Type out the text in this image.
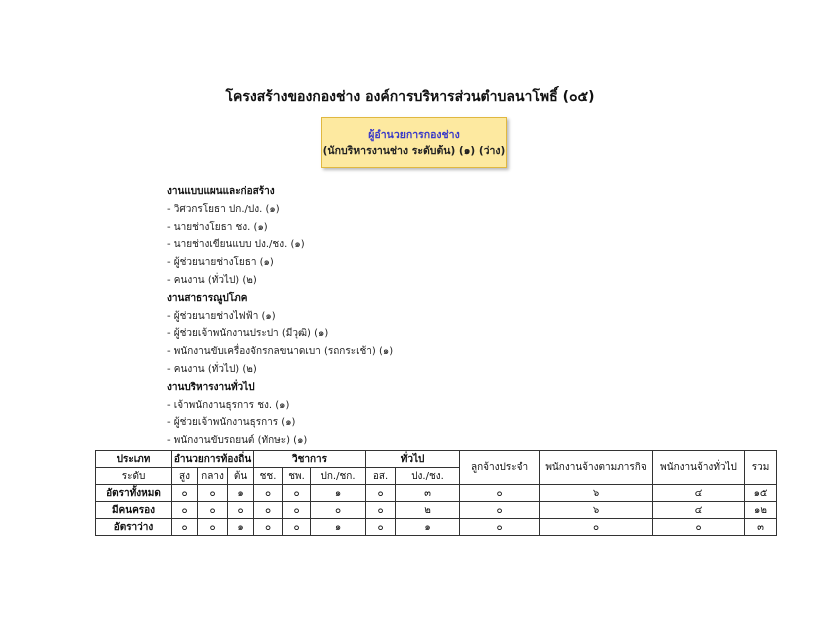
โครงสร้างของกองช่าง องค์การบริหารส่วนตำบลนาโพธิ์ (๐๕)
ผู้อำนวยการกองช่าง
(นักบริหารงานช่าง ระดับต้น) (๑) (ว่าง)
งานแบบแผนและก่อสร้าง
- วิศวกรโยธา ปก./ปง. (๑)
- นายช่างโยธา ชง. (๑)
- นายช่างเขียนแบบ ปง./ชง. (๑)
- ผู้ช่วยนายช่างโยธา (๑)
- คนงาน (ทั่วไป) (๒)
งานสาธารณูปโภค
- ผู้ช่วยนายช่างไฟฟ้า (๑)
- ผู้ช่วยเจ้าพนักงานประปา (มีวุฒิ) (๑)
- พนักงานขับเครื่องจักรกลขนาดเบา (รถกระเช้า) (๑)
- คนงาน (ทั่วไป) (๒)
งานบริหารงานทั่วไป
- เจ้าพนักงานธุรการ ชง. (๑)
- ผู้ช่วยเจ้าพนักงานธุรการ (๑)
- พนักงานขับรถยนต์ (ทักษะ) (๑)
ประเภท	อำนวยการท้องถิ่น			วิชาการ			ทั่วไป		ลูกจ้างประจำ	พนักงานจ้างตามภารกิจ	พนักงานจ้างทั่วไป	รวม
ระดับ	สูง	กลาง	ต้น	ชช.	ชพ.	ปก./ชก.	อส.	ปง./ชง.				
อัตราทั้งหมด	๐	๐	๑	๐	๐	๑	๐	๓	๐	๖	๔	๑๕
มีคนครอง	๐	๐	๐	๐	๐	๐	๐	๒	๐	๖	๔	๑๒
อัตราว่าง	๐	๐	๑	๐	๐	๑	๐	๑	๐	๐	๐	๓
